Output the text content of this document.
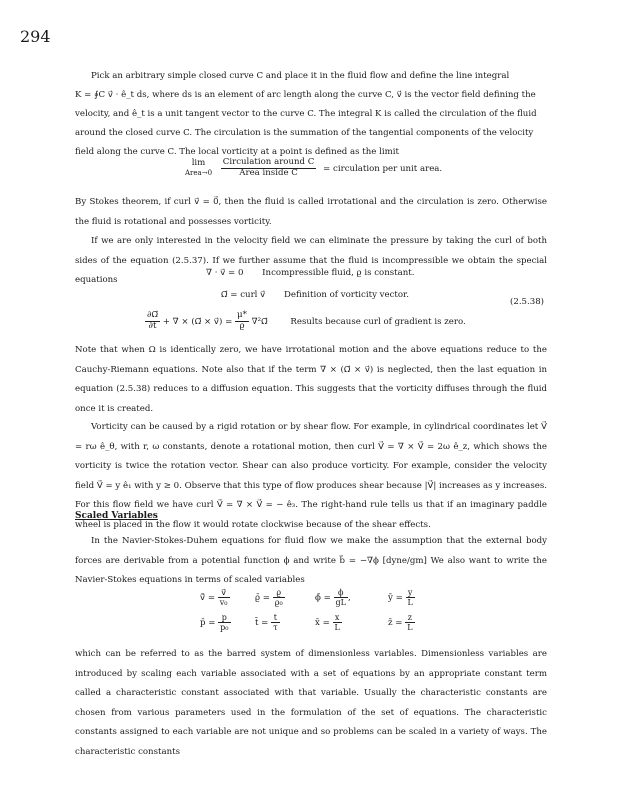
294
Pick an arbitrary simple closed curve C and place it in the fluid flow and define the line integral
K = ∮C v⃗ · ê_t ds, where ds is an element of arc length along the curve C, v⃗ is the vector field defining the
velocity, and ê_t is a unit tangent vector to the curve C. The integral K is called the circulation of the fluid
around the closed curve C. The circulation is the summation of the tangential components of the velocity
field along the curve C. The local vorticity at a point is defined as the limit
lim
Area→0
$\frac{\text{Circulation around C}}{\text{Area inside C}}$ = circulation per unit area.
By Stokes theorem, if curl v⃗ = 0⃗, then the fluid is called irrotational and the circulation is zero. Otherwise the fluid is rotational and possesses vorticity.
If we are only interested in the velocity field we can eliminate the pressure by taking the curl of both sides of the equation (2.5.37). If we further assume that the fluid is incompressible we obtain the special equations
∇ · v⃗ = 0 Incompressible fluid, ϱ is constant.
Ω⃗ = curl v⃗ Definition of vorticity vector.
(2.5.38)
$\frac{\partial\Omega⃗}{\partial t}$ + ∇ × (Ω⃗ × v⃗) = $\frac{\mu*}{ϱ}$ ∇²Ω⃗	Results because curl of gradient is zero.
Note that when Ω is identically zero, we have irrotational motion and the above equations reduce to the Cauchy-Riemann equations. Note also that if the term ∇ × (Ω⃗ × v⃗) is neglected, then the last equation in equation (2.5.38) reduces to a diffusion equation. This suggests that the vorticity diffuses through the fluid once it is created.
Vorticity can be caused by a rigid rotation or by shear flow. For example, in cylindrical coordinates let V⃗ = rω ê_θ, with r, ω constants, denote a rotational motion, then curl V⃗ = ∇ × V⃗ = 2ω ê_z, which shows the vorticity is twice the rotation vector. Shear can also produce vorticity. For example, consider the velocity field V⃗ = y ê₁ with y ≥ 0. Observe that this type of flow produces shear because |V⃗| increases as y increases. For this flow field we have curl V⃗ = ∇ × V⃗ = − ê₃. The right-hand rule tells us that if an imaginary paddle wheel is placed in the flow it would rotate clockwise because of the shear effects.
Scaled Variables
In the Navier-Stokes-Duhem equations for fluid flow we make the assumption that the external body forces are derivable from a potential function ϕ and write b⃗ = −∇ϕ [dyne/gm] We also want to write the Navier-Stokes equations in terms of scaled variables
v̄⃗ = $\frac{v⃗}{\text{v₀}}$	ϱ̄ = $\frac{ϱ}{\text{ϱ₀}}$	ϕ̄ = $\frac{\phi}{gL}$ ,	ȳ = $\frac{y}{L}$
p̄ = $\frac{p}{\text{p₀}}$	t̄ = $\frac{t}{\tau}$	x̄ = $\frac{x}{L}$	z̄ = $\frac{z}{L}$
which can be referred to as the barred system of dimensionless variables. Dimensionless variables are introduced by scaling each variable associated with a set of equations by an appropriate constant term called a characteristic constant associated with that variable. Usually the characteristic constants are chosen from various parameters used in the formulation of the set of equations. The characteristic constants assigned to each variable are not unique and so problems can be scaled in a variety of ways. The characteristic constants
